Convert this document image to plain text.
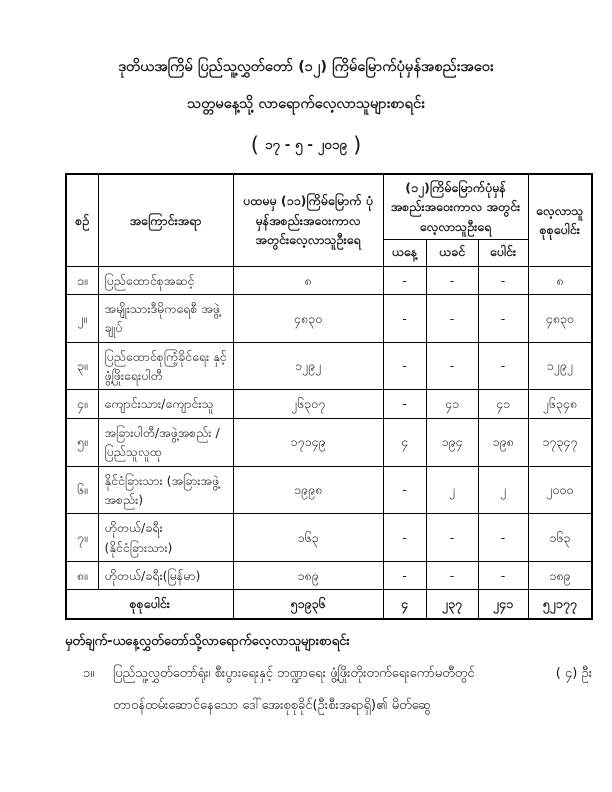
ဒုတိယအကြိမ် ပြည်သူ့လွှတ်တော် (၁၂) ကြိမ်မြောက်ပုံမှန်အစည်းအဝေး
သတ္တမနေ့သို့ လာရောက်လေ့လာသူများစာရင်း
( ၁၇ - ၅ - ၂၀၁၉ )
စဉ်	အကြောင်းအရာ	ပထမမှ (၁၁)ကြိမ်မြောက် ပုံမှန်အစည်းအဝေးကာလ အတွင်းလေ့လာသူဦးရေ	(၁၂)ကြိမ်မြောက်ပုံမှန် အစည်းအဝေးကာလ အတွင်းလေ့လာသူဦးရေ			လေ့လာသူ စုစုပေါင်း
			ယနေ့	ယခင်	ပေါင်း	
၁။	ပြည်ထောင်စုအဆင့်	၈	-	-	-	၈
၂။	အမျိုးသားဒီမိုကရေစီ အဖွဲ့ချုပ်	၄၈၃၀	-	-	-	၄၈၃၀
၃။	ပြည်ထောင်စုကြံ့ခိုင်ရေး နှင့်ဖွံ့ဖြိုးရေးပါတီ	၁၂၉၂	-	-	-	၁၂၉၂
၄။	ကျောင်းသား/ကျောင်းသူ	၂၆၃၀၇	-	၄၁	၄၁	၂၆၃၄၈
၅။	အခြားပါတီ/အဖွဲ့အစည်း / ပြည်သူလူထု	၁၇၁၄၉	၄	၁၉၄	၁၉၈	၁၇၃၄၇
၆။	နိုင်ငံခြားသား (အခြားအဖွဲ့အစည်း)	၁၉၉၈	-	၂	၂	၂၀၀၀
၇။	ဟိုတယ်/ခရီး (နိုင်ငံခြားသား)	၁၆၃	-	-	-	၁၆၃
၈။	ဟိုတယ်/ခရီး(မြန်မာ)	၁၈၉	-	-	-	၁၈၉
စုစုပေါင်း		၅၁၉၃၆	၄	၂၃၇	၂၄၁	၅၂၁၇၇
မှတ်ချက်-ယနေ့လွှတ်တော်သို့လာရောက်လေ့လာသူများစာရင်း
၁။	ပြည်သူ့လွှတ်တော်ရုံး၊ စီးပွားရေးနှင့် ဘဏ္ဍာရေး ဖွံ့ဖြိုးတိုးတက်ရေးကော်မတီတွင်	( ၄) ဦး
တာဝန်ထမ်းဆောင်နေသော ဒေါ်အေးစုစုခိုင်(ဦးစီးအရာရှိ)၏ မိတ်ဆွေ
